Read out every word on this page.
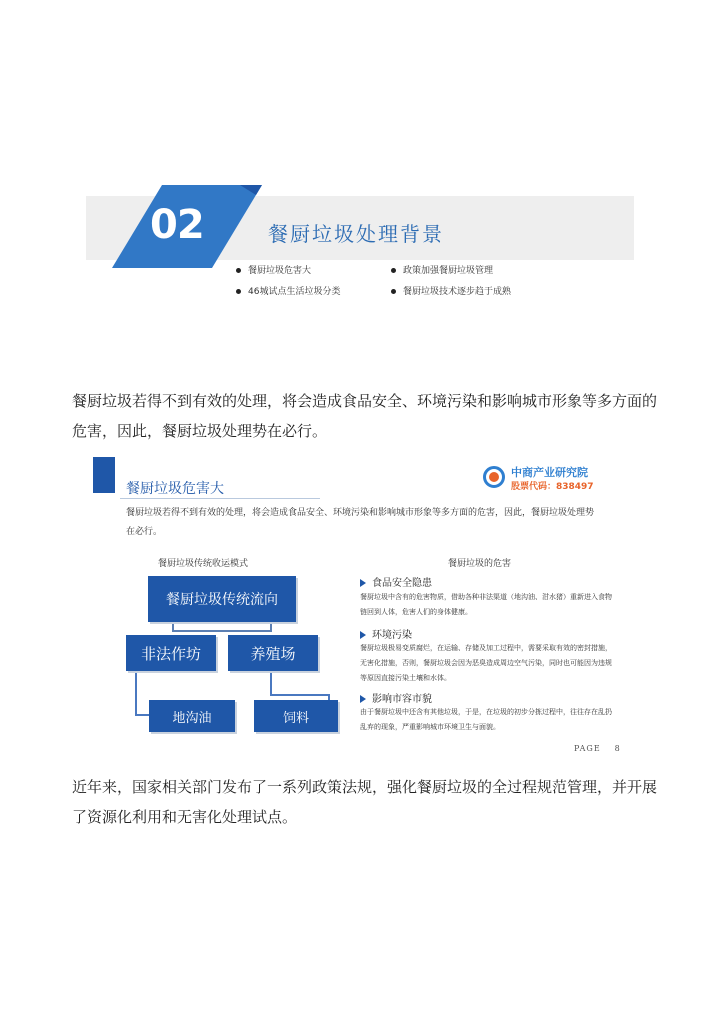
02	餐厨垃圾处理背景
餐厨垃圾危害大	政策加强餐厨垃圾管理
46城试点生活垃圾分类	餐厨垃圾技术逐步趋于成熟
餐厨垃圾若得不到有效的处理，将会造成食品安全、环境污染和影响城市形象等多方面的危害，因此，餐厨垃圾处理势在必行。
餐厨垃圾危害大
中商产业研究院
股票代码：838497
餐厨垃圾若得不到有效的处理，将会造成食品安全、环境污染和影响城市形象等多方面的危害，因此，餐厨垃圾处理势在必行。
餐厨垃圾传统收运模式	餐厨垃圾的危害
餐厨垃圾传统流向
非法作坊	养殖场
地沟油	饲料
食品安全隐患
餐厨垃圾中含有的危害物质，借助各种非法渠道（地沟油、泔水猪）重新进入食物链回到人体，危害人们的身体健康。
环境污染
餐厨垃圾极易变质腐烂，在运输、存储及加工过程中，需要采取有效的密封措施，无害化措施，否则，餐厨垃圾会因为恶臭造成周边空气污染，同时也可能因为违规等原因直接污染土壤和水体。
影响市容市貌
由于餐厨垃圾中还含有其他垃圾，于是，在垃圾的初步分拣过程中，往往存在乱扔乱弃的现象，严重影响城市环境卫生与面貌。
PAGE 8
近年来，国家相关部门发布了一系列政策法规，强化餐厨垃圾的全过程规范管理，并开展了资源化利用和无害化处理试点。
